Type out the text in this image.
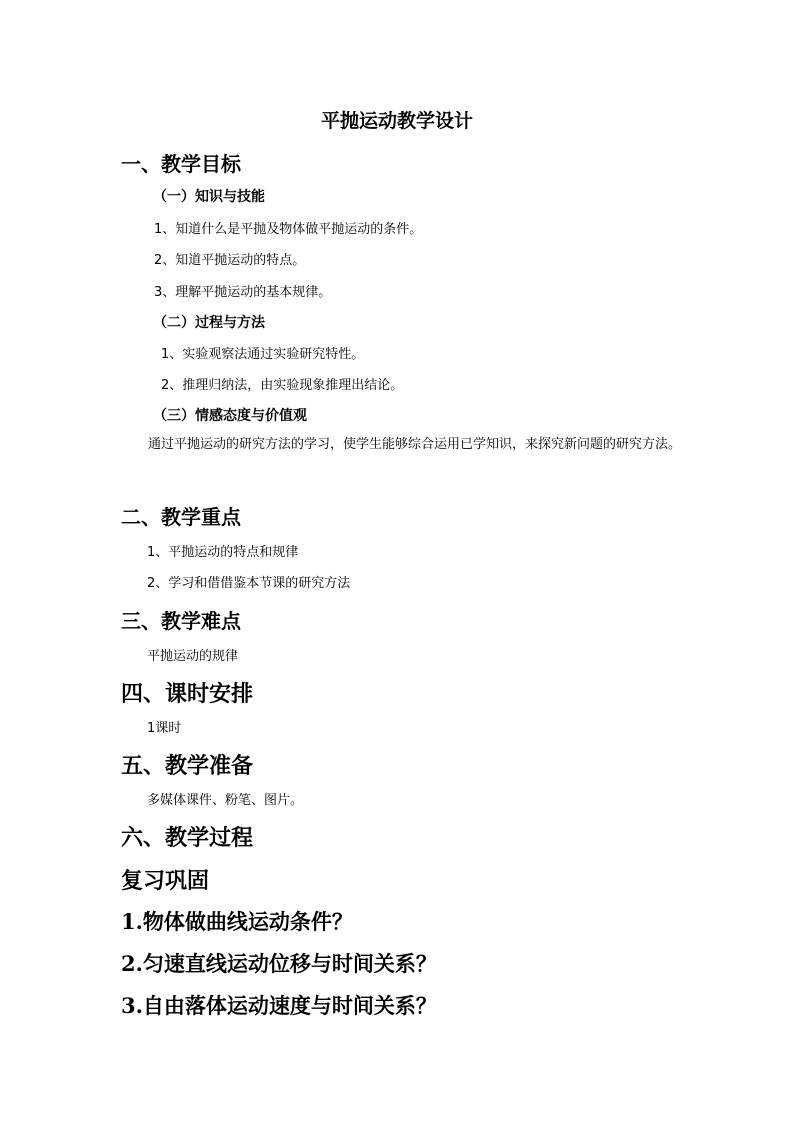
平抛运动教学设计
一、教学目标
（一）知识与技能
1、知道什么是平抛及物体做平抛运动的条件。
2、知道平抛运动的特点。
3、理解平抛运动的基本规律。
（二）过程与方法
1、实验观察法通过实验研究特性。
2、推理归纳法，由实验现象推理出结论。
（三）情感态度与价值观
通过平抛运动的研究方法的学习，使学生能够综合运用已学知识，来探究新问题的研究方法。
二、教学重点
1、平抛运动的特点和规律
2、学习和借借鉴本节课的研究方法
三、教学难点
平抛运动的规律
四、课时安排
1课时
五、教学准备
多媒体课件、粉笔、图片。
六、教学过程
复习巩固
1.物体做曲线运动条件？
2.匀速直线运动位移与时间关系？
3.自由落体运动速度与时间关系？
